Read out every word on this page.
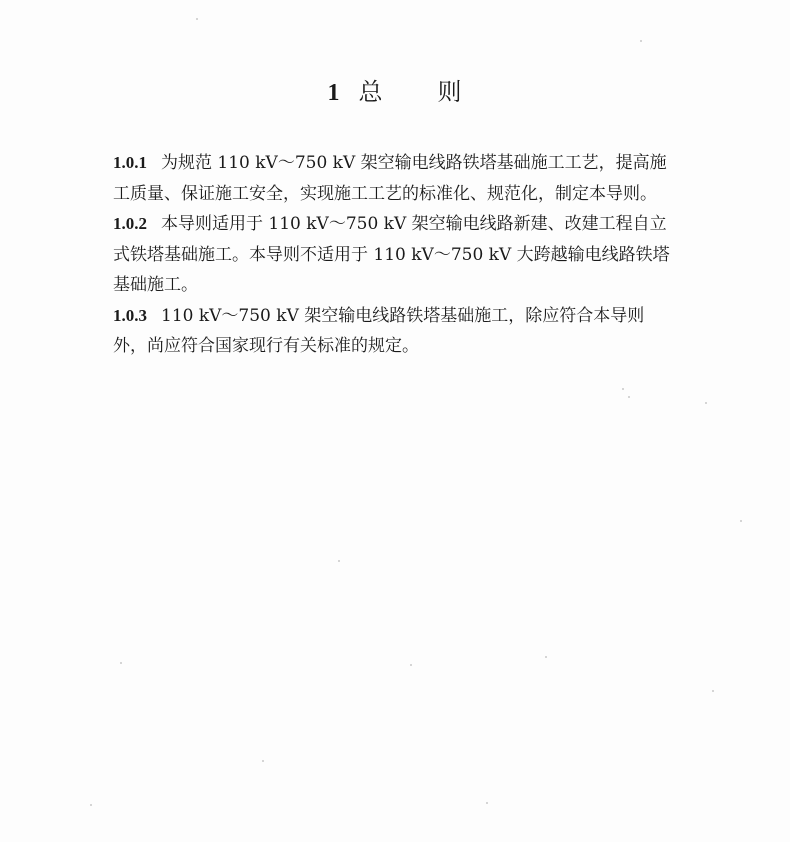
1 总 则
1.0.1 为规范 110 kV～750 kV 架空输电线路铁塔基础施工工艺，提高施工质量、保证施工安全，实现施工工艺的标准化、规范化，制定本导则。
1.0.2 本导则适用于 110 kV～750 kV 架空输电线路新建、改建工程自立式铁塔基础施工。本导则不适用于 110 kV～750 kV 大跨越输电线路铁塔基础施工。
1.0.3 110 kV～750 kV 架空输电线路铁塔基础施工，除应符合本导则外，尚应符合国家现行有关标准的规定。
